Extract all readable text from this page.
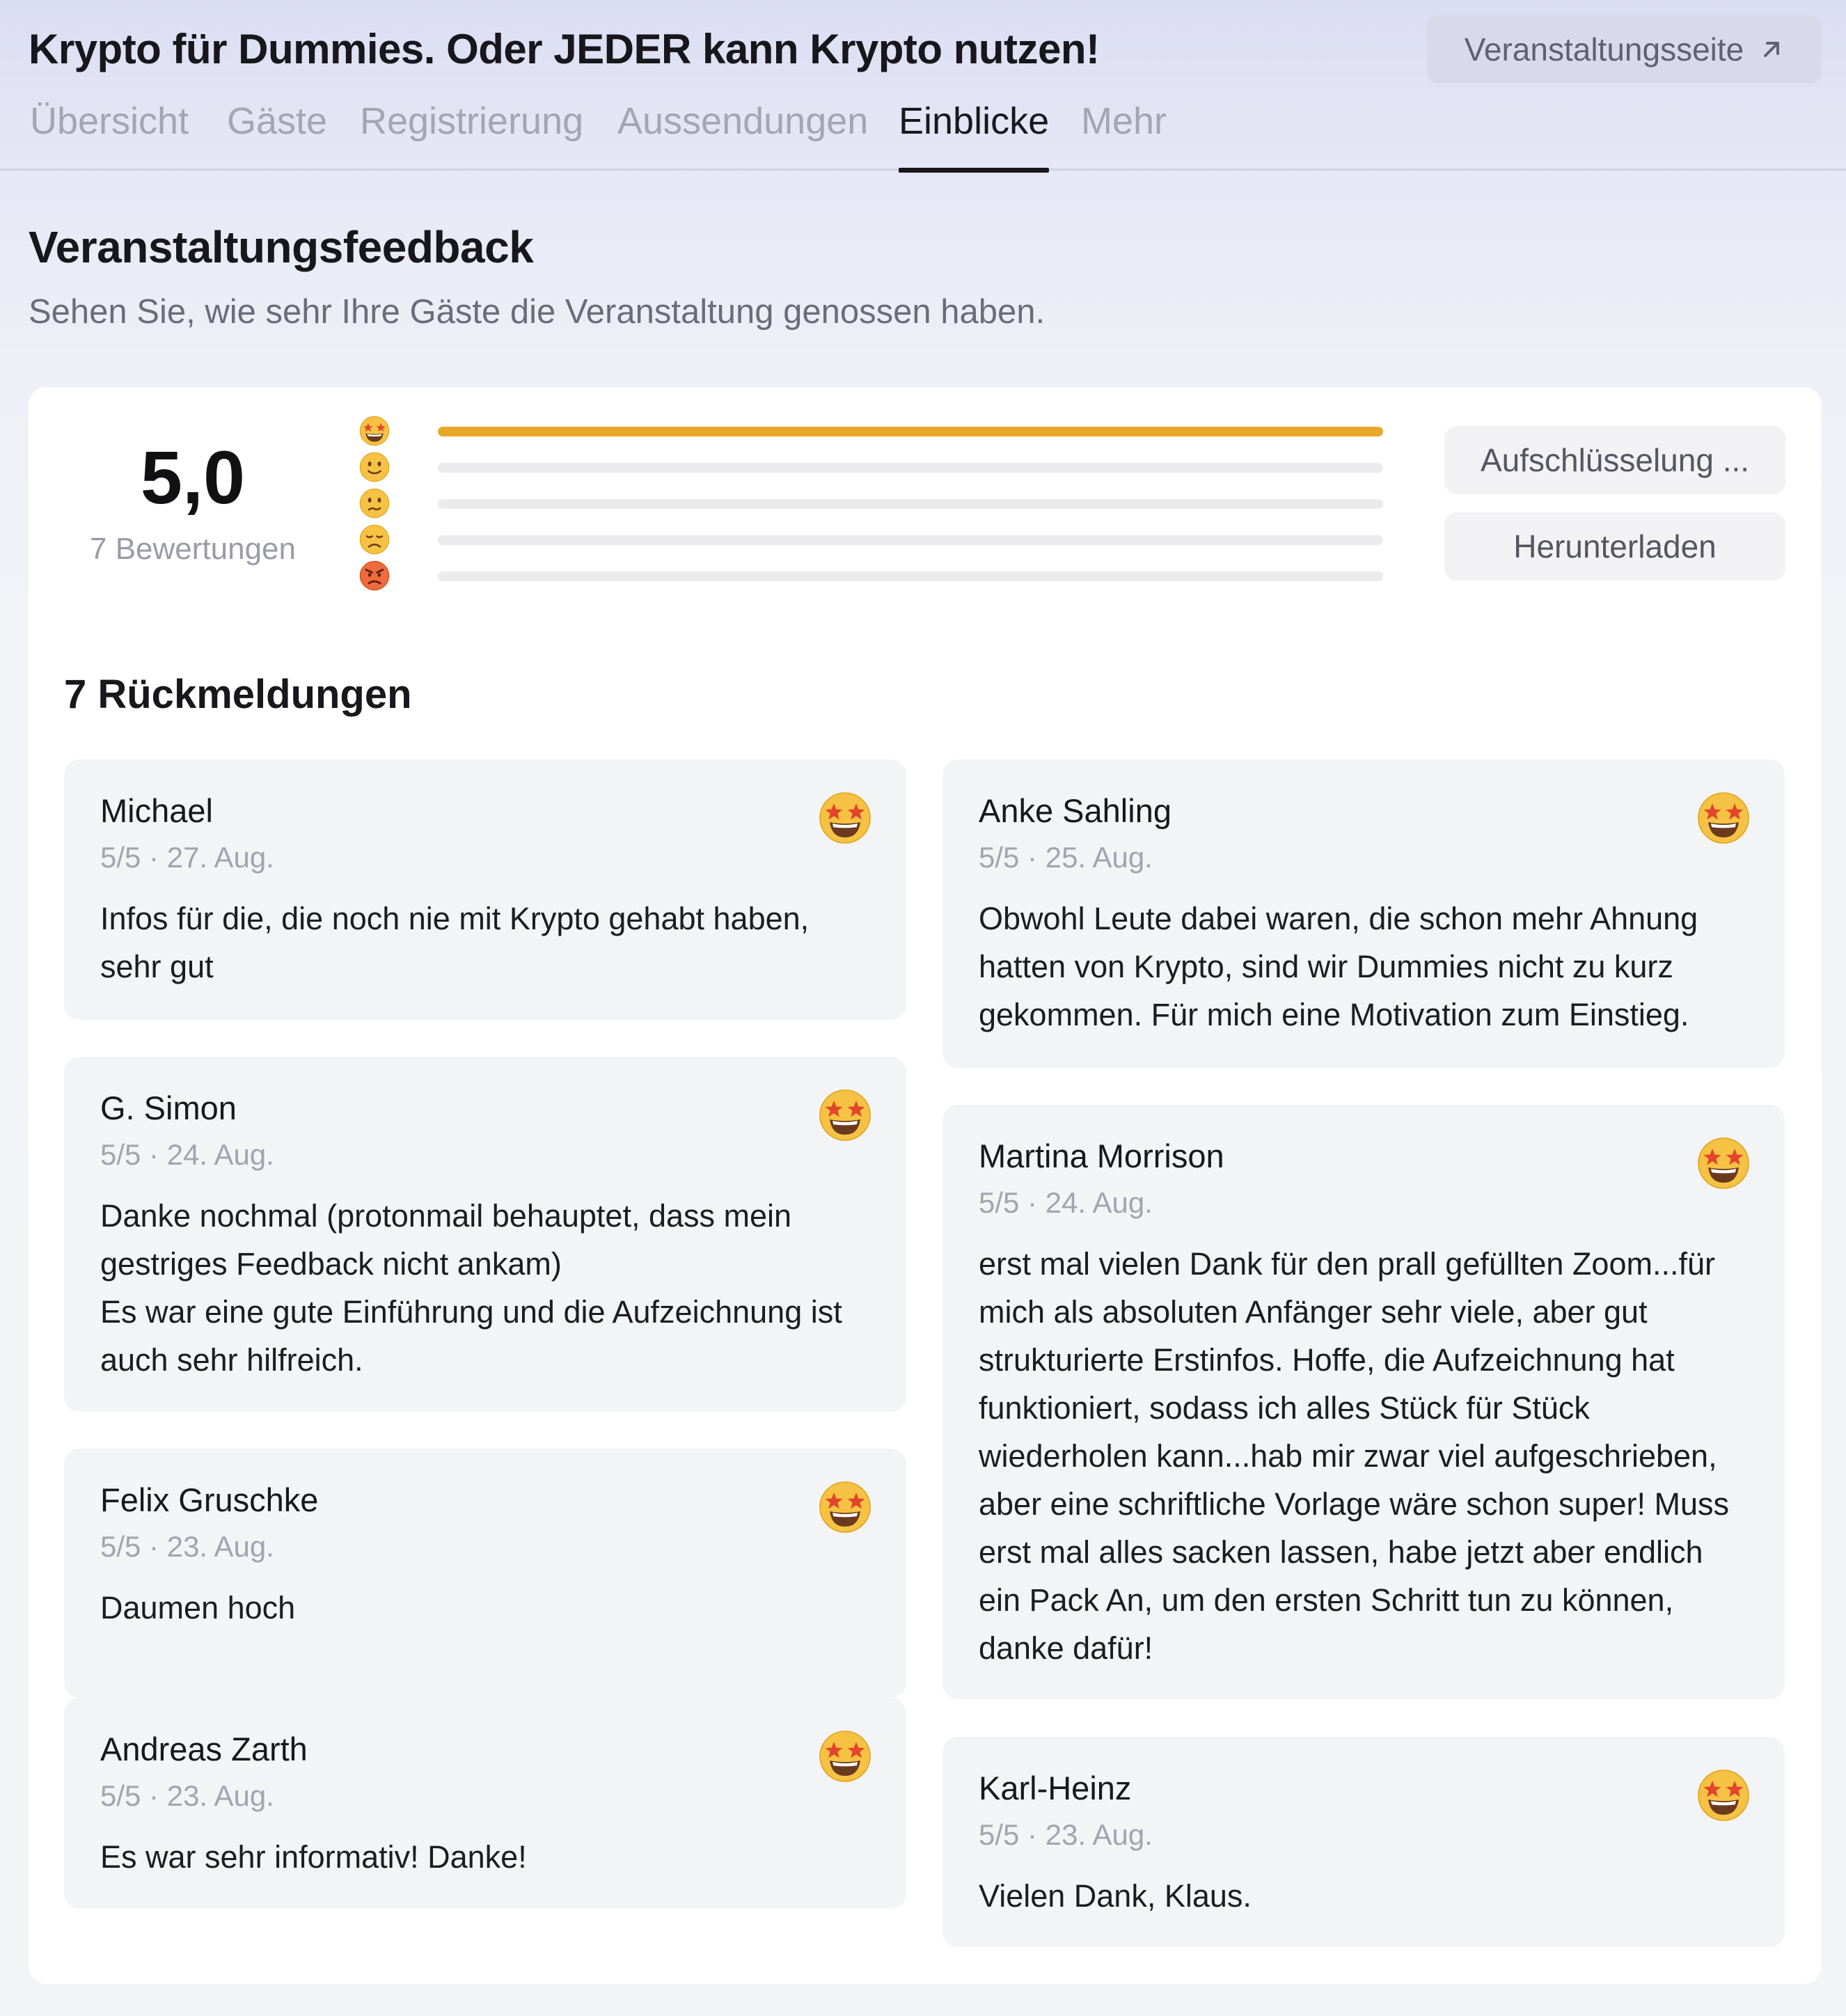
Krypto für Dummies. Oder JEDER kann Krypto nutzen!	Veranstaltungsseite
Übersicht Gäste Registrierung Aussendungen Einblicke Mehr
Veranstaltungsfeedback
Sehen Sie, wie sehr Ihre Gäste die Veranstaltung genossen haben.
5,0
7 Bewertungen
Aufschlüsselung ...
Herunterladen
7 Rückmeldungen
Michael
5/5 · 27. Aug.
Infos für die, die noch nie mit Krypto gehabt haben, sehr gut
G. Simon
5/5 · 24. Aug.
Danke nochmal (protonmail behauptet, dass mein gestriges Feedback nicht ankam)
Es war eine gute Einführung und die Aufzeichnung ist auch sehr hilfreich.
Felix Gruschke
5/5 · 23. Aug.
Daumen hoch
Andreas Zarth
5/5 · 23. Aug.
Es war sehr informativ! Danke!
Anke Sahling
5/5 · 25. Aug.
Obwohl Leute dabei waren, die schon mehr Ahnung hatten von Krypto, sind wir Dummies nicht zu kurz gekommen. Für mich eine Motivation zum Einstieg.
Martina Morrison
5/5 · 24. Aug.
erst mal vielen Dank für den prall gefüllten Zoom...für mich als absoluten Anfänger sehr viele, aber gut strukturierte Erstinfos. Hoffe, die Aufzeichnung hat funktioniert, sodass ich alles Stück für Stück wiederholen kann...hab mir zwar viel aufgeschrieben, aber eine schriftliche Vorlage wäre schon super! Muss erst mal alles sacken lassen, habe jetzt aber endlich ein Pack An, um den ersten Schritt tun zu können, danke dafür!
Karl-Heinz
5/5 · 23. Aug.
Vielen Dank, Klaus.
